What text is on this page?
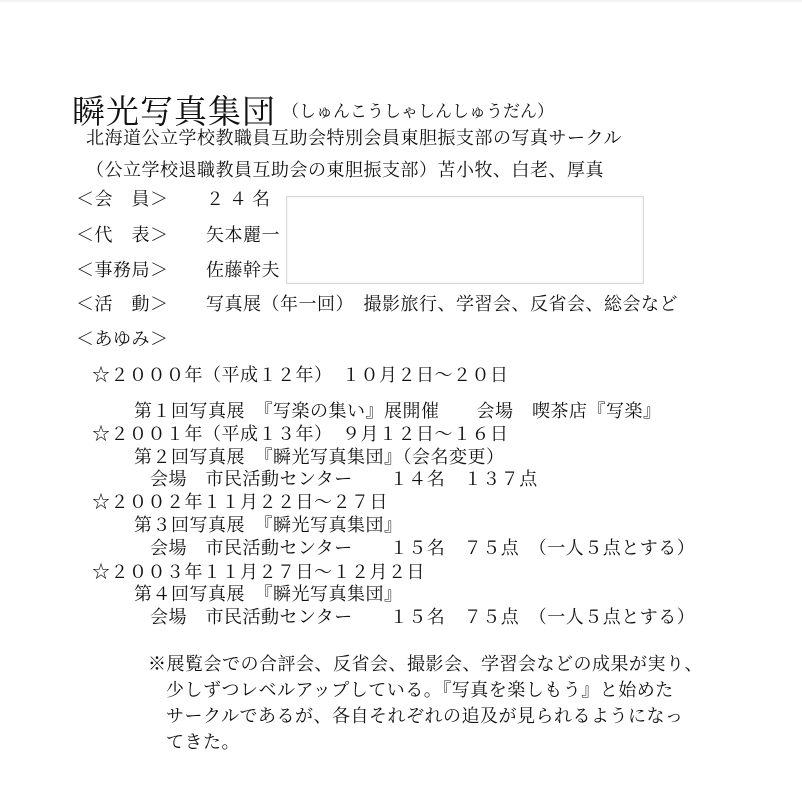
瞬光写真集団 （しゅんこうしゃしんしゅうだん）
北海道公立学校教職員互助会特別会員東胆振支部の写真サークル
（公立学校退職教員互助会の東胆振支部）苫小牧、白老、厚真
＜会　員＞ ２４名
＜代　表＞ 矢本麗一
＜事務局＞ 佐藤幹夫
＜活　動＞ 写真展（年一回）　撮影旅行、学習会、反省会、総会など
＜あゆみ＞
☆２０００年（平成１２年）　１０月２日～２０日
第１回写真展　『写楽の集い』展開催　　会場　喫茶店『写楽』
☆２００１年（平成１３年）　９月１２日～１６日
第２回写真展　『瞬光写真集団』（会名変更）
会場　市民活動センター　　１４名　１３７点
☆２００２年１１月２２日～２７日
第３回写真展　『瞬光写真集団』
会場　市民活動センター　　１５名　７５点　（一人５点とする）
☆２００３年１１月２７日～１２月２日
第４回写真展　『瞬光写真集団』
会場　市民活動センター　　１５名　７５点　（一人５点とする）
※展覧会での合評会、反省会、撮影会、学習会などの成果が実り、
少しずつレベルアップしている。『写真を楽しもう』と始めた
サークルであるが、各自それぞれの追及が見られるようになっ
てきた。
